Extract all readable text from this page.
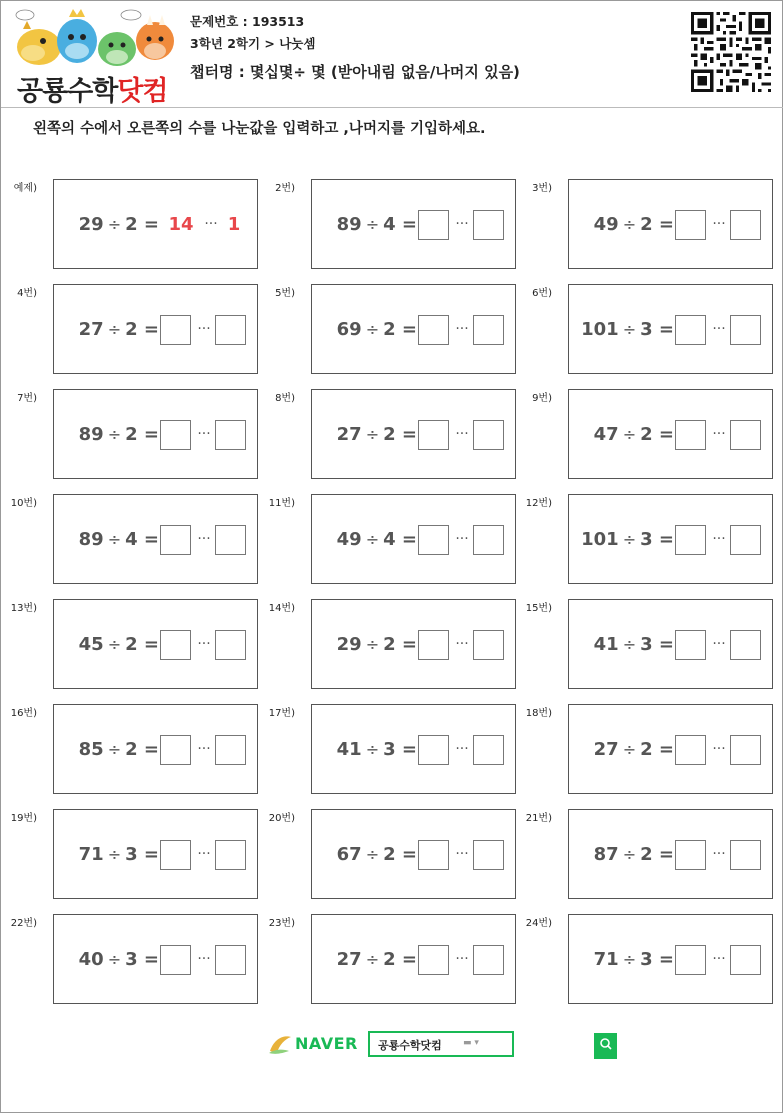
공룡수학닷컴
문제번호 : 193513
3학년 2학기 > 나눗셈
챕터명 : 몇십몇÷ 몇 (받아내림 없음/나머지 있음)
왼쪽의 수에서 오른쪽의 수를 나눈값을 입력하고 ,나머지를 기입하세요.
예제)
29 ÷ 2 = 14 ··· 1
2번)
89 ÷ 4 =	···
3번)
49 ÷ 2 =	···
4번)
27 ÷ 2 =	···
5번)
69 ÷ 2 =	···
6번)
101 ÷ 3 =	···
7번)
89 ÷ 2 =	···
8번)
27 ÷ 2 =	···
9번)
47 ÷ 2 =	···
10번)
89 ÷ 4 =	···
11번)
49 ÷ 4 =	···
12번)
101 ÷ 3 =	···
13번)
45 ÷ 2 =	···
14번)
29 ÷ 2 =	···
15번)
41 ÷ 3 =	···
16번)
85 ÷ 2 =	···
17번)
41 ÷ 3 =	···
18번)
27 ÷ 2 =	···
19번)
71 ÷ 3 =	···
20번)
67 ÷ 2 =	···
21번)
87 ÷ 2 =	···
22번)
40 ÷ 3 =	···
23번)
27 ÷ 2 =	···
24번)
71 ÷ 3 =	···
NAVER 공룡수학닷컴 ▬ ▾
